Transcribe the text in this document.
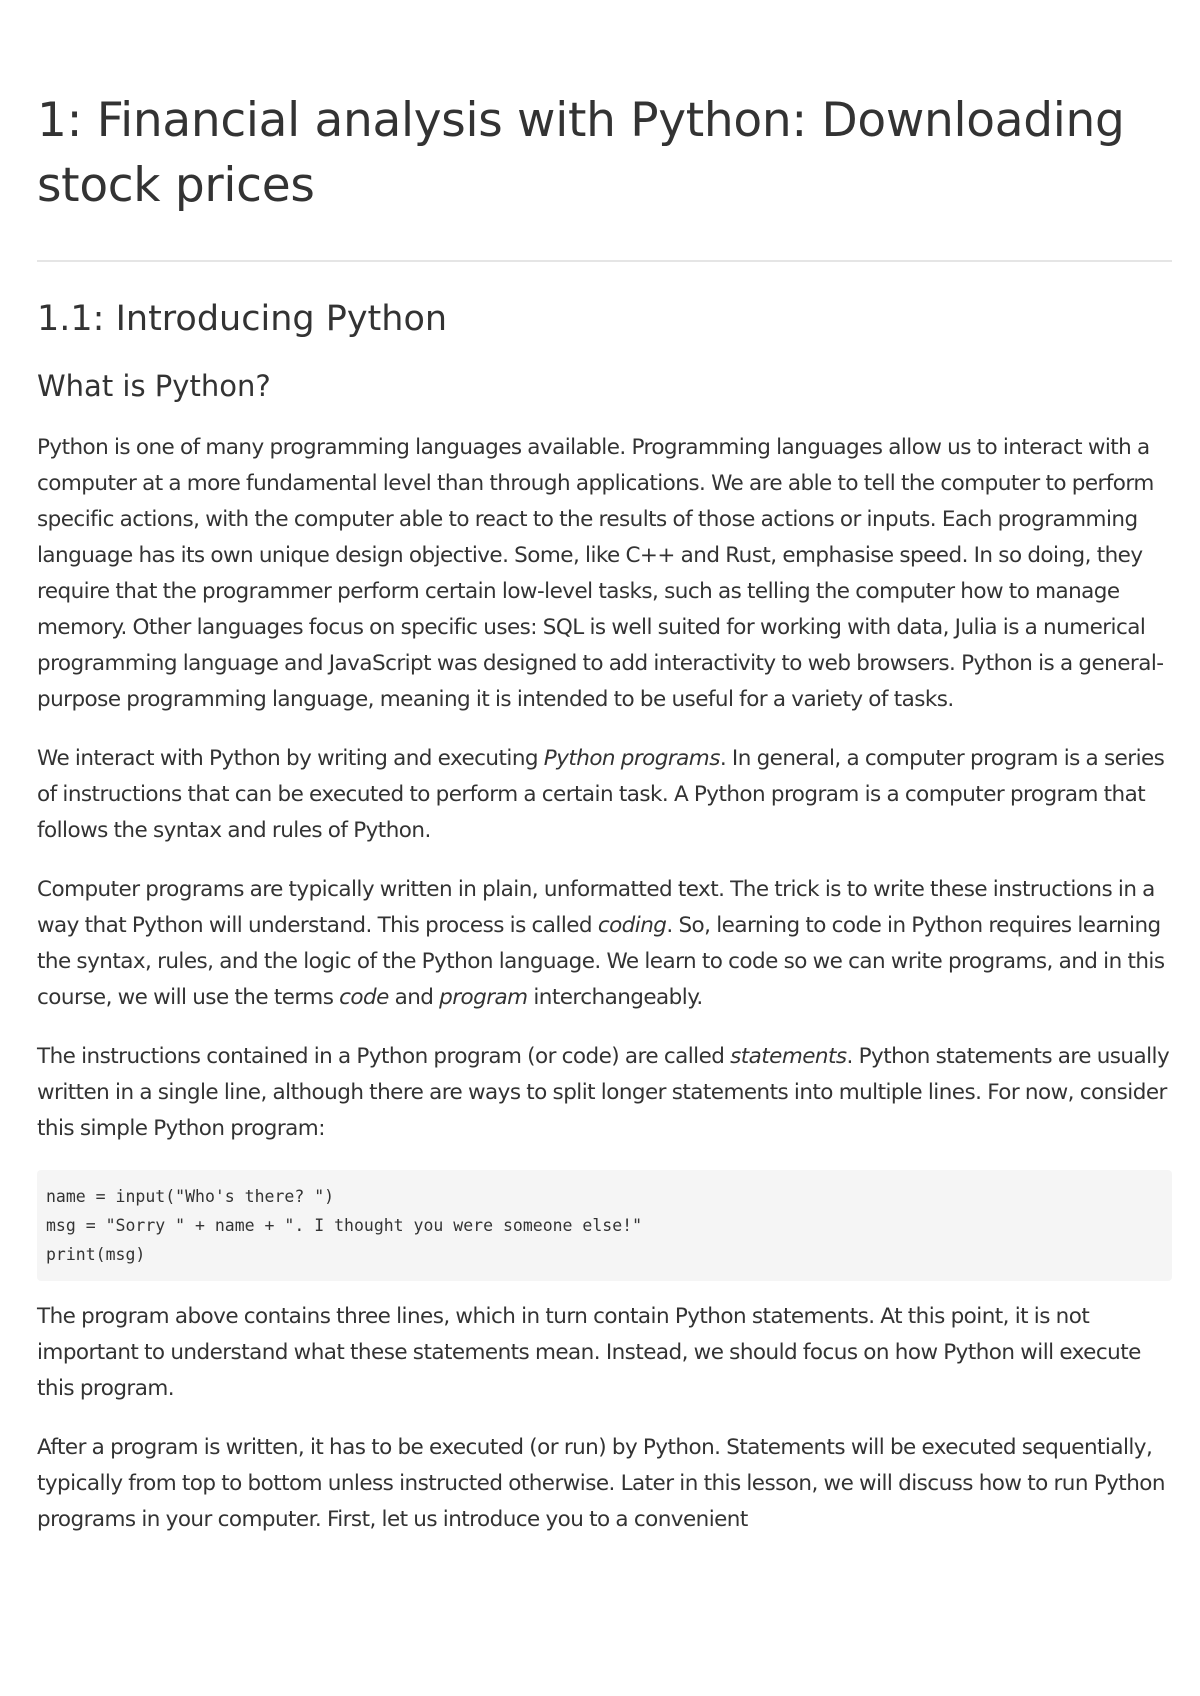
1: Financial analysis with Python: Downloading stock prices
1.1: Introducing Python
What is Python?

Python is one of many programming languages available. Programming languages allow us to interact with a computer at a more fundamental level than through applications. We are able to tell the computer to perform specific actions, with the computer able to react to the results of those actions or inputs. Each programming language has its own unique design objective. Some, like C++ and Rust, emphasise speed. In so doing, they require that the programmer perform certain low-level tasks, such as telling the computer how to manage memory. Other languages focus on specific uses: SQL is well suited for working with data, Julia is a numerical programming language and JavaScript was designed to add interactivity to web browsers. Python is a general-purpose programming language, meaning it is intended to be useful for a variety of tasks.

We interact with Python by writing and executing Python programs. In general, a computer program is a series of instructions that can be executed to perform a certain task. A Python program is a computer program that follows the syntax and rules of Python.

Computer programs are typically written in plain, unformatted text. The trick is to write these instructions in a way that Python will understand. This process is called coding. So, learning to code in Python requires learning the syntax, rules, and the logic of the Python language. We learn to code so we can write programs, and in this course, we will use the terms code and program interchangeably.

The instructions contained in a Python program (or code) are called statements. Python statements are usually written in a single line, although there are ways to split longer statements into multiple lines. For now, consider this simple Python program:

name = input("Who's there? ")
msg = "Sorry " + name + ". I thought you were someone else!"
print(msg)

The program above contains three lines, which in turn contain Python statements. At this point, it is not important to understand what these statements mean. Instead, we should focus on how Python will execute this program.

After a program is written, it has to be executed (or run) by Python. Statements will be executed sequentially, typically from top to bottom unless instructed otherwise. Later in this lesson, we will discuss how to run Python programs in your computer. First, let us introduce you to a convenient
